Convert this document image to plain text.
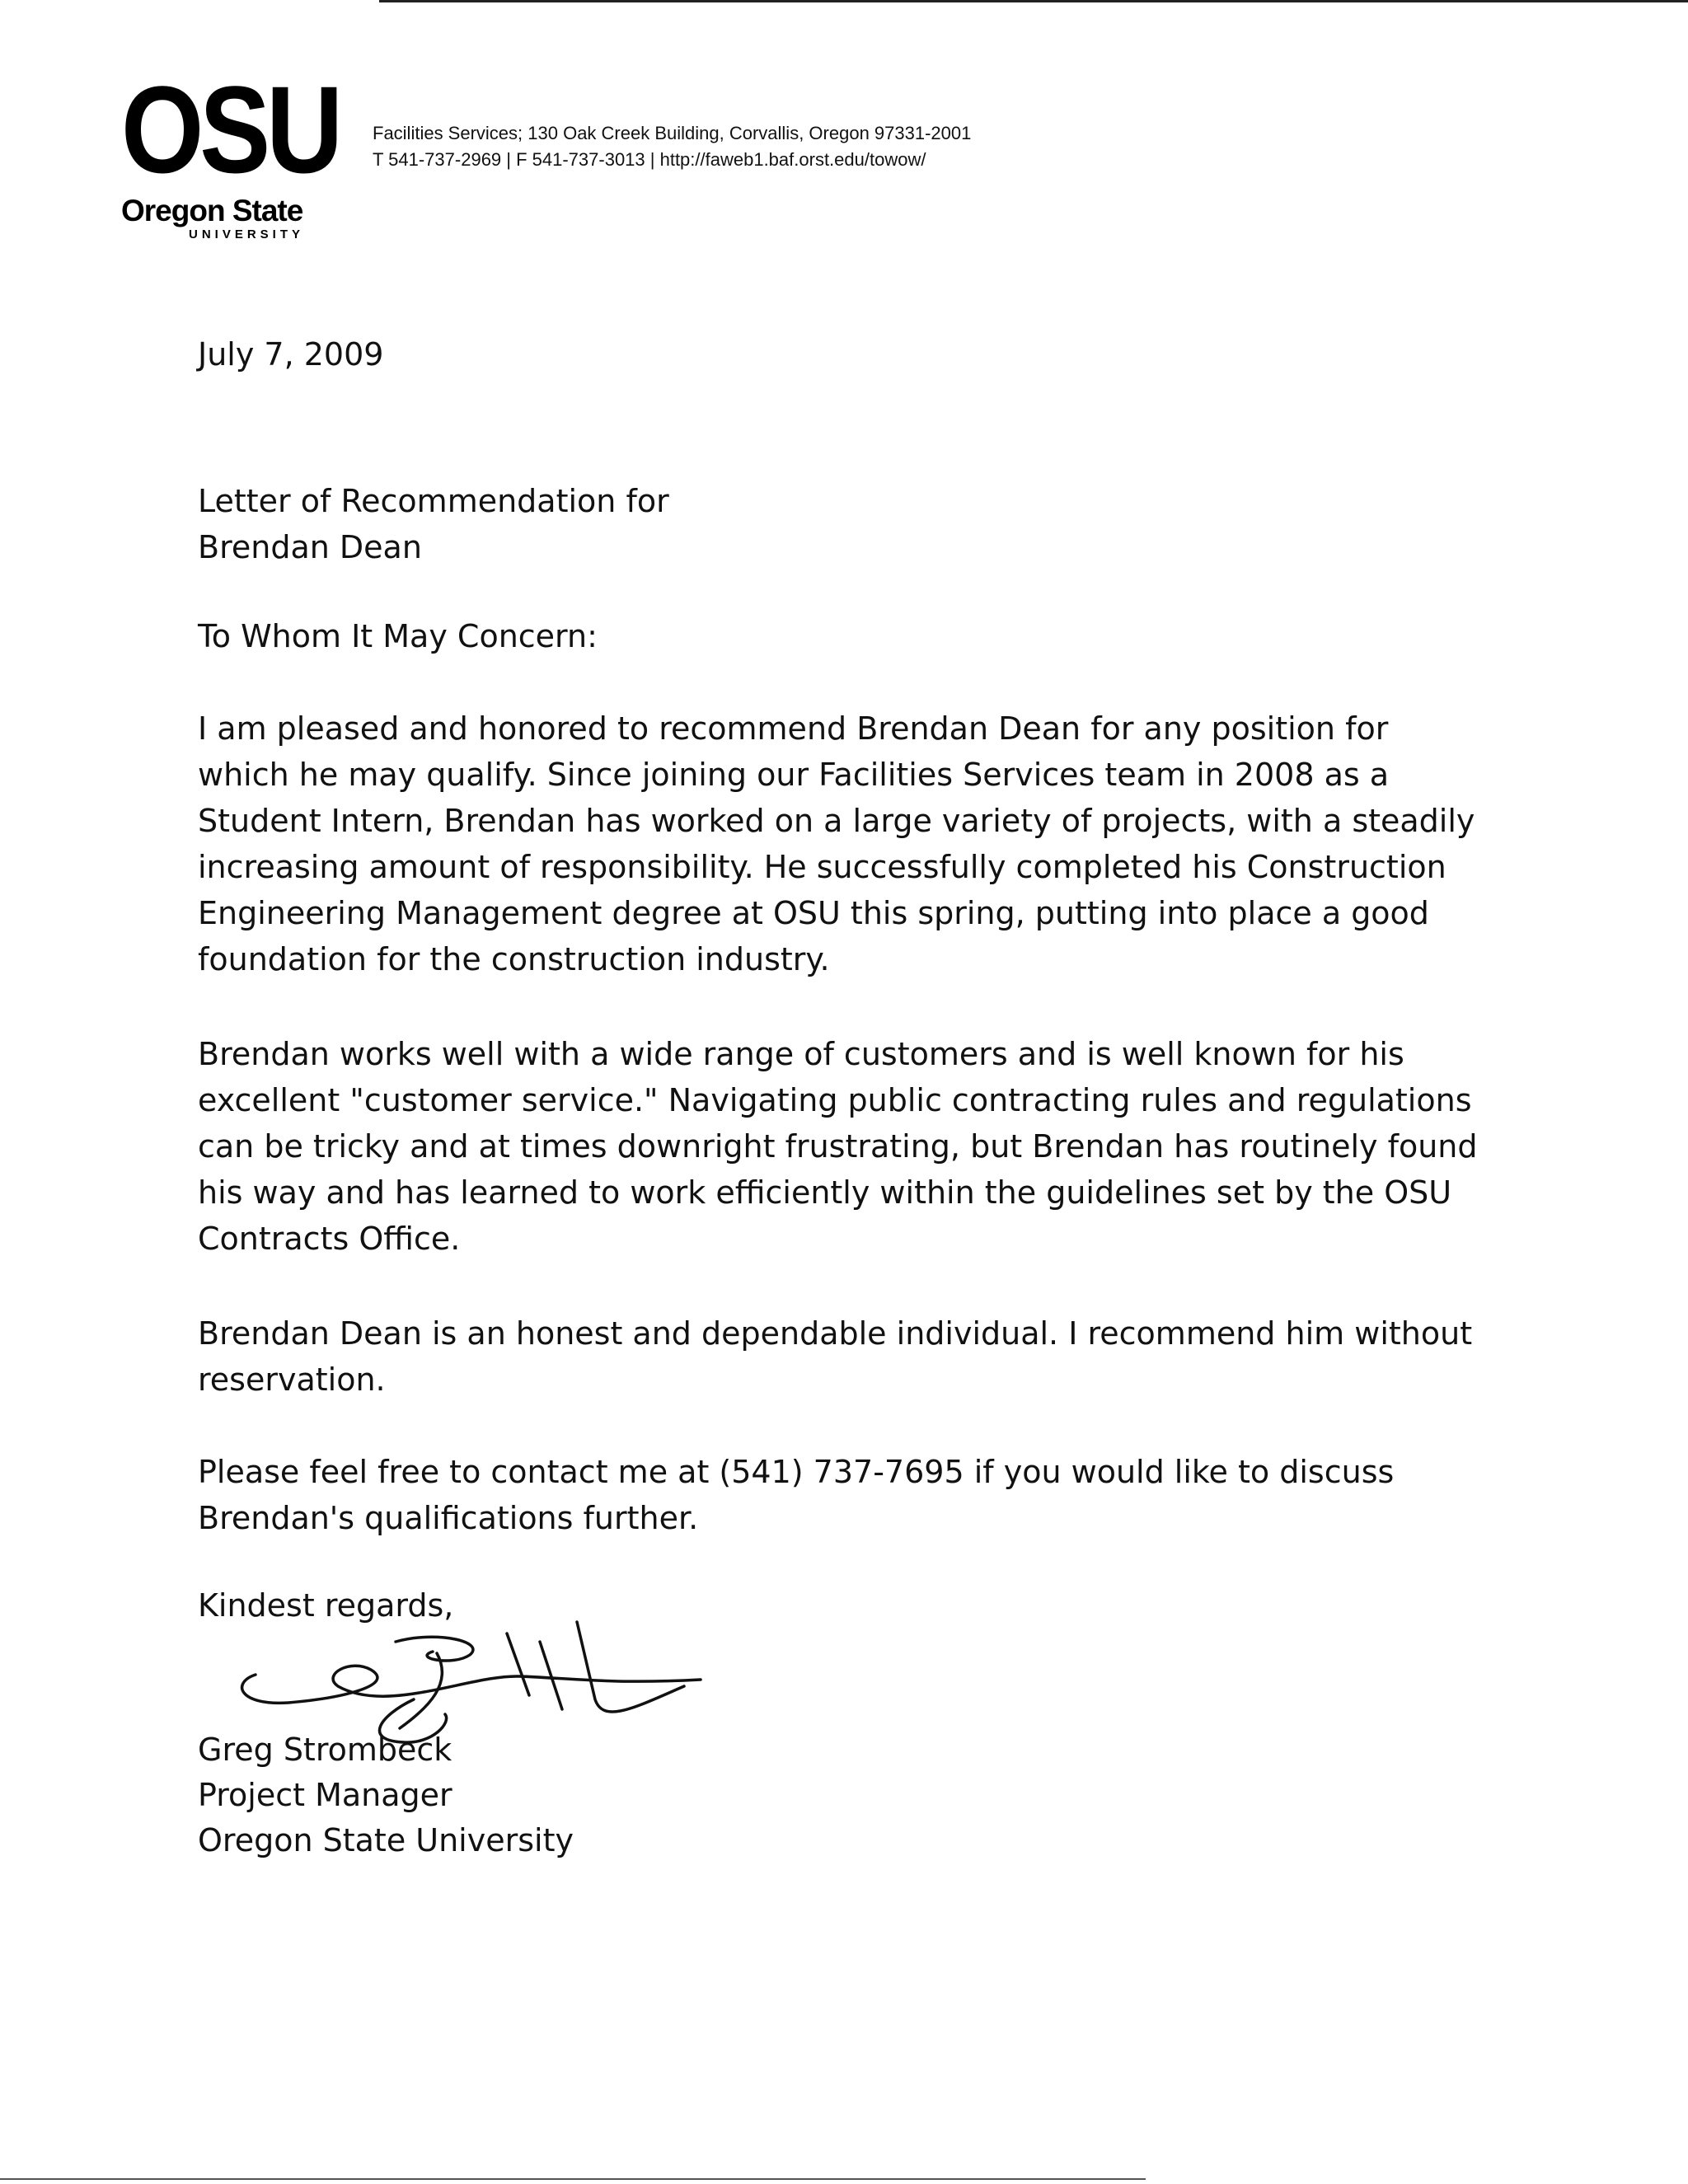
OSU
Oregon State
UNIVERSITY
Facilities Services; 130 Oak Creek Building, Corvallis, Oregon 97331-2001
T 541-737-2969 | F 541-737-3013 | http://faweb1.baf.orst.edu/towow/
July 7, 2009
Letter of Recommendation for
Brendan Dean
To Whom It May Concern:
I am pleased and honored to recommend Brendan Dean for any position for which he may qualify. Since joining our Facilities Services team in 2008 as a Student Intern, Brendan has worked on a large variety of projects, with a steadily increasing amount of responsibility. He successfully completed his Construction Engineering Management degree at OSU this spring, putting into place a good foundation for the construction industry.
Brendan works well with a wide range of customers and is well known for his excellent "customer service." Navigating public contracting rules and regulations can be tricky and at times downright frustrating, but Brendan has routinely found his way and has learned to work efficiently within the guidelines set by the OSU Contracts Office.
Brendan Dean is an honest and dependable individual. I recommend him without reservation.
Please feel free to contact me at (541) 737-7695 if you would like to discuss Brendan's qualifications further.
Kindest regards,
Greg Strombeck
Project Manager
Oregon State University
